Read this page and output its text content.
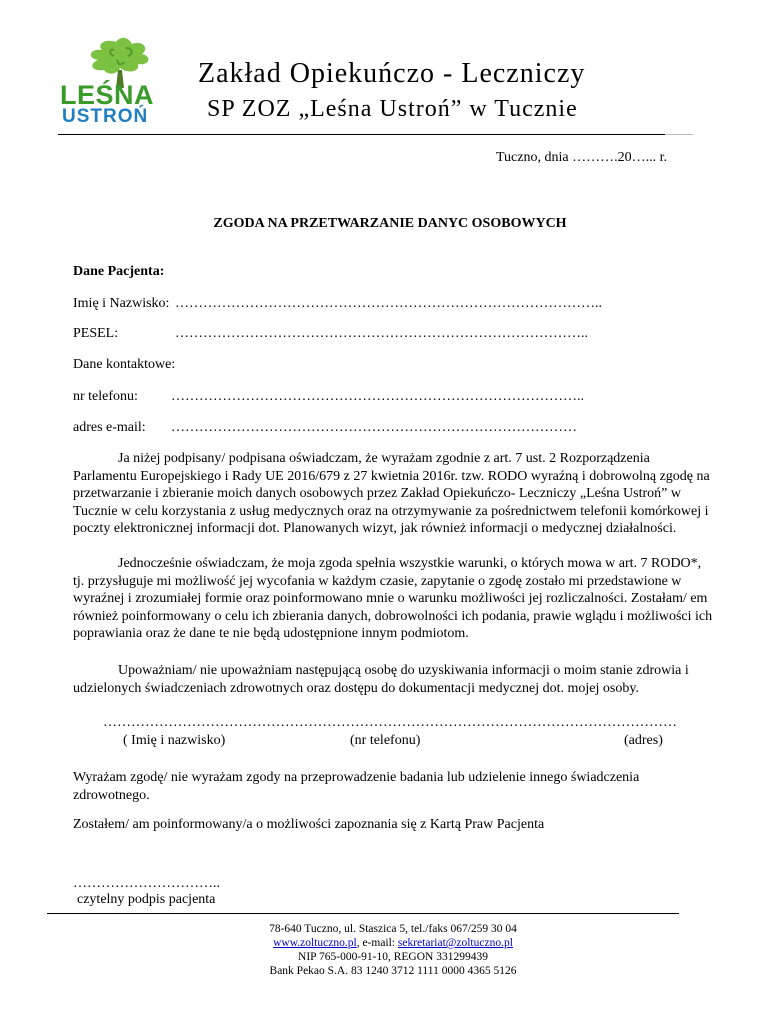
LEŚNA
USTROŃ
Zakład Opiekuńczo - Leczniczy
SP ZOZ „Leśna Ustroń” w Tucznie
Tuczno, dnia ……….20…... r.
ZGODA NA PRZETWARZANIE DANYC OSOBOWYCH
Dane Pacjenta:
Imię i Nazwisko: ………………………………………………………………………………..
PESEL:	……………………………………………………………………………..
Dane kontaktowe:
nr telefonu: ……………………………………………………………………………..
adres e-mail: ……………………………………………………………………………
Ja niżej podpisany/ podpisana oświadczam, że wyrażam zgodnie z art. 7 ust. 2 Rozporządzenia Parlamentu Europejskiego i Rady UE 2016/679 z 27 kwietnia 2016r. tzw. RODO wyraźną i dobrowolną zgodę na przetwarzanie i zbieranie moich danych osobowych przez Zakład Opiekuńczo- Leczniczy „Leśna Ustroń” w Tucznie w celu korzystania z usług medycznych oraz na otrzymywanie za pośrednictwem telefonii komórkowej i poczty elektronicznej informacji dot. Planowanych wizyt, jak również informacji o medycznej działalności.
Jednocześnie oświadczam, że moja zgoda spełnia wszystkie warunki, o których mowa w art. 7 RODO*, tj. przysługuje mi możliwość jej wycofania w każdym czasie, zapytanie o zgodę zostało mi przedstawione w wyraźnej i zrozumiałej formie oraz poinformowano mnie o warunku możliwości jej rozliczalności. Zostałam/ em również poinformowany o celu ich zbierania danych, dobrowolności ich podania, prawie wglądu i możliwości ich poprawiania oraz że dane te nie będą udostępnione innym podmiotom.
Upoważniam/ nie upoważniam następującą osobę do uzyskiwania informacji o moim stanie zdrowia i udzielonych świadczeniach zdrowotnych oraz dostępu do dokumentacji medycznej dot. mojej osoby.
……………………………………………………………………………………………………………
( Imię i nazwisko)	(nr telefonu)	(adres)
Wyrażam zgodę/ nie wyrażam zgody na przeprowadzenie badania lub udzielenie innego świadczenia zdrowotnego.
Zostałem/ am poinformowany/a o możliwości zapoznania się z Kartą Praw Pacjenta
…………………………..
czytelny podpis pacjenta
78-640 Tuczno, ul. Staszica 5, tel./faks 067/259 30 04
www.zoltuczno.pl, e-mail: sekretariat@zoltuczno.pl
NIP 765-000-91-10, REGON 331299439
Bank Pekao S.A. 83 1240 3712 1111 0000 4365 5126
